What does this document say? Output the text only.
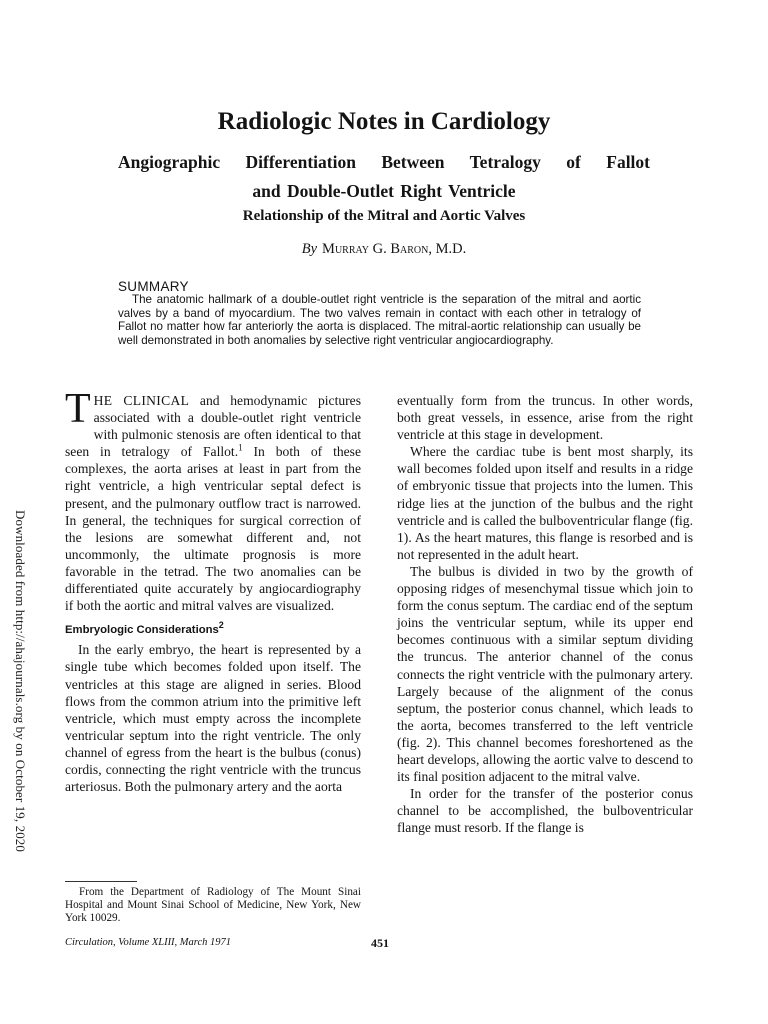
Downloaded from http://ahajournals.org by on October 19, 2020
Radiologic Notes in Cardiology
Angiographic Differentiation Between Tetralogy of Fallot
and Double-Outlet Right Ventricle
Relationship of the Mitral and Aortic Valves

By Murray G. Baron, M.D.

SUMMARY

The anatomic hallmark of a double-outlet right ventricle is the separation of the mitral and aortic valves by a band of myocardium. The two valves remain in contact with each other in tetralogy of Fallot no matter how far anteriorly the aorta is displaced. The mitral-aortic relationship can usually be well demonstrated in both anomalies by selective right ventricular angiocardiography.

THE CLINICAL and hemodynamic pictures associated with a double-outlet right ventricle with pulmonic stenosis are often identical to that seen in tetralogy of Fallot.$^1$ In both of these complexes, the aorta arises at least in part from the right ventricle, a high ventricular septal defect is present, and the pulmonary outflow tract is narrowed. In general, the techniques for surgical correction of the lesions are somewhat different and, not uncommonly, the ultimate prognosis is more favorable in the tetrad. The two anomalies can be differentiated quite accurately by angiocardiography if both the aortic and mitral valves are visualized.

Embryologic Considerations$^2$

In the early embryo, the heart is represented by a single tube which becomes folded upon itself. The ventricles at this stage are aligned in series. Blood flows from the common atrium into the primitive left ventricle, which must empty across the incomplete ventricular septum into the right ventricle. The only channel of egress from the heart is the bulbus (conus) cordis, connecting the right ventricle with the truncus arteriosus. Both the pulmonary artery and the aorta

eventually form from the truncus. In other words, both great vessels, in essence, arise from the right ventricle at this stage in development.

Where the cardiac tube is bent most sharply, its wall becomes folded upon itself and results in a ridge of embryonic tissue that projects into the lumen. This ridge lies at the junction of the bulbus and the right ventricle and is called the bulboventricular flange (fig. 1). As the heart matures, this flange is resorbed and is not represented in the adult heart.

The bulbus is divided in two by the growth of opposing ridges of mesenchymal tissue which join to form the conus septum. The cardiac end of the septum joins the ventricular septum, while its upper end becomes continuous with a similar septum dividing the truncus. The anterior channel of the conus connects the right ventricle with the pulmonary artery. Largely because of the alignment of the conus septum, the posterior conus channel, which leads to the aorta, becomes transferred to the left ventricle (fig. 2). This channel becomes foreshortened as the heart develops, allowing the aortic valve to descend to its final position adjacent to the mitral valve.

In order for the transfer of the posterior conus channel to be accomplished, the bulboventricular flange must resorb. If the flange is

From the Department of Radiology of The Mount Sinai Hospital and Mount Sinai School of Medicine, New York, New York 10029.

Circulation, Volume XLIII, March 1971	451
